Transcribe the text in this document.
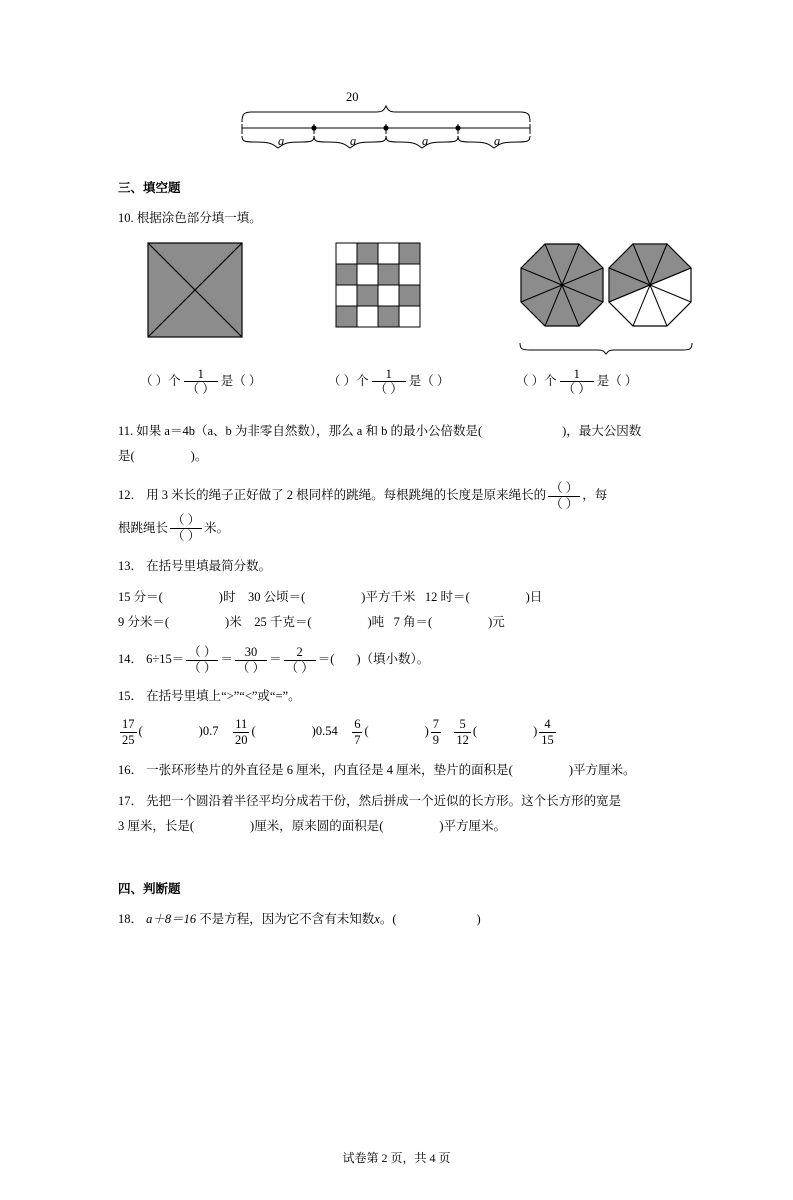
20
a	a	a	a
三、填空题
10. 根据涂色部分填一填。
（ ）个 $\frac{1}{( )}$ 是（ ）	（ ）个 $\frac{1}{( )}$ 是（ ）	（ ）个 $\frac{1}{( )}$ 是（ ）
11. 如果 a＝4b（a、b 为非零自然数），那么 a 和 b 的最小公倍数是(	)，最大公因数
是(	)。
12． 用 3 米长的绳子正好做了 2 根同样的跳绳。每根跳绳的长度是原来绳长的 $\frac{( )}{( )}$ ，每
根跳绳长 $\frac{( )}{( )}$ 米。
13． 在括号里填最简分数。
15 分＝(	)时 30 公顷＝(	)平方千米 12 时＝(	)日
9 分米＝(	)米 25 千克＝(	)吨 7 角＝(	)元
14． $6\div 15= \frac{( )}{( )} = \frac{30}{( )} = \frac{2}{( )}$ ＝( )（填小数）。
15． 在括号里填上“>”“<”或“=”。
$\frac{17}{25}$ (	)$0.7 \frac{11}{20}$ (	)$0.54 \frac{6}{7}$ (	) $\frac{7}{9}$
$\frac{5}{12}$ (	) $\frac{4}{15}$
16． 一张环形垫片的外直径是 6 厘米，内直径是 4 厘米，垫片的面积是(	)平方厘米。
17． 先把一个圆沿着半径平均分成若干份，然后拼成一个近似的长方形。这个长方形的宽是
3 厘米，长是(	)厘米，原来圆的面积是(	)平方厘米。
四、判断题
18． a＋8＝16 不是方程，因为它不含有未知数x。(	)
试卷第 2 页，共 4 页
